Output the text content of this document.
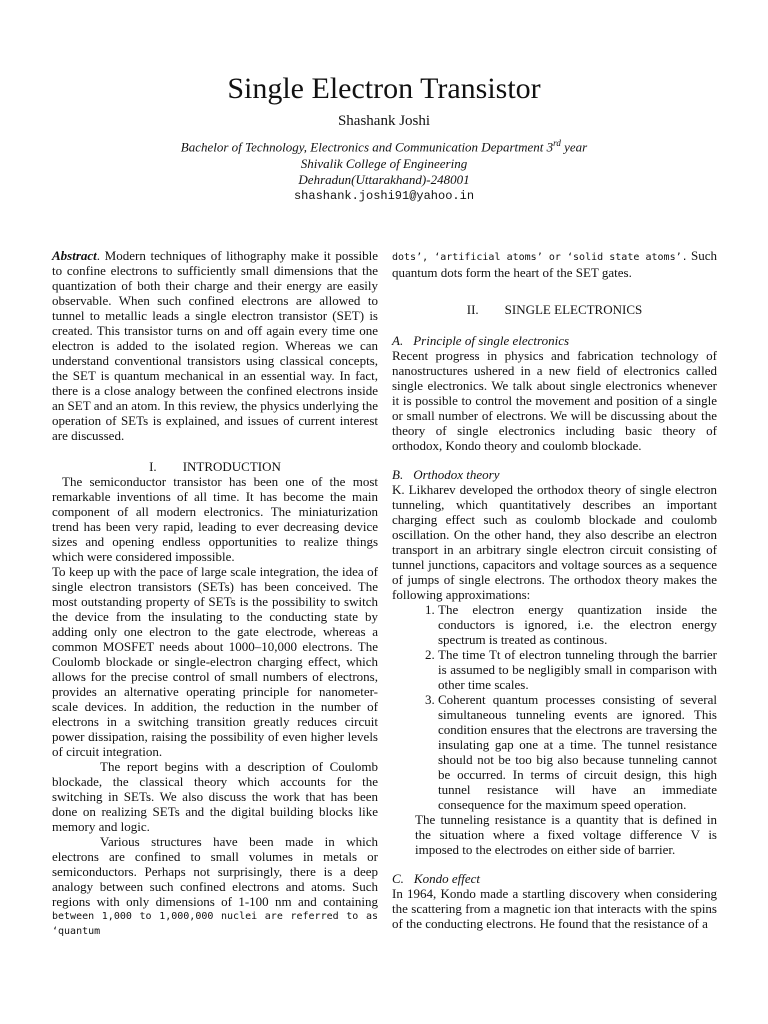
Single Electron Transistor
Shashank Joshi
Bachelor of Technology, Electronics and Communication Department 3rd year
Shivalik College of Engineering
Dehradun(Uttarakhand)-248001
shashank.joshi91@yahoo.in

Abstract. Modern techniques of lithography make it possible to confine electrons to sufficiently small dimensions that the quantization of both their charge and their energy are easily observable. When such confined electrons are allowed to tunnel to metallic leads a single electron transistor (SET) is created. This transistor turns on and off again every time one electron is added to the isolated region. Whereas we can understand conventional transistors using classical concepts, the SET is quantum mechanical in an essential way. In fact, there is a close analogy between the confined electrons inside an SET and an atom. In this review, the physics underlying the operation of SETs is explained, and issues of current interest are discussed.

I. INTRODUCTION

The semiconductor transistor has been one of the most remarkable inventions of all time. It has become the main component of all modern electronics. The miniaturization trend has been very rapid, leading to ever decreasing device sizes and opening endless opportunities to realize things which were considered impossible.

To keep up with the pace of large scale integration, the idea of single electron transistors (SETs) has been conceived. The most outstanding property of SETs is the possibility to switch the device from the insulating to the conducting state by adding only one electron to the gate electrode, whereas a common MOSFET needs about 1000–10,000 electrons. The Coulomb blockade or single-electron charging effect, which allows for the precise control of small numbers of electrons, provides an alternative operating principle for nanometer-scale devices. In addition, the reduction in the number of electrons in a switching transition greatly reduces circuit power dissipation, raising the possibility of even higher levels of circuit integration.

The report begins with a description of Coulomb blockade, the classical theory which accounts for the switching in SETs. We also discuss the work that has been done on realizing SETs and the digital building blocks like memory and logic.

Various structures have been made in which electrons are confined to small volumes in metals or semiconductors. Perhaps not surprisingly, there is a deep analogy between such confined electrons and atoms. Such regions with only dimensions of 1-100 nm and containing

between 1,000 to 1,000,000 nuclei are referred to as ‘quantum

dots’, ‘artificial atoms’ or ‘solid state atoms’. Such quantum dots form the heart of the SET gates.

II. SINGLE ELECTRONICS
A. Principle of single electronics

Recent progress in physics and fabrication technology of nanostructures ushered in a new field of electronics called single electronics. We talk about single electronics whenever it is possible to control the movement and position of a single or small number of electrons. We will be discussing about the theory of single electronics including basic theory of orthodox, Kondo theory and coulomb blockade.

B. Orthodox theory

K. Likharev developed the orthodox theory of single electron tunneling, which quantitatively describes an important charging effect such as coulomb blockade and coulomb oscillation. On the other hand, they also describe an electron transport in an arbitrary single electron circuit consisting of tunnel junctions, capacitors and voltage sources as a sequence of jumps of single electrons. The orthodox theory makes the following approximations:

1. The electron energy quantization inside the conductors is ignored, i.e. the electron energy spectrum is treated as continous.
2. The time Tt of electron tunneling through the barrier is assumed to be negligibly small in comparison with other time scales.
3. Coherent quantum processes consisting of several simultaneous tunneling events are ignored. This condition ensures that the electrons are traversing the insulating gap one at a time. The tunnel resistance should not be too big also because tunneling cannot be occurred. In terms of circuit design, this high tunnel resistance will have an immediate consequence for the maximum speed operation.

The tunneling resistance is a quantity that is defined in the situation where a fixed voltage difference V is imposed to the electrodes on either side of barrier.

C. Kondo effect

In 1964, Kondo made a startling discovery when considering the scattering from a magnetic ion that interacts with the spins of the conducting electrons. He found that the resistance of a
